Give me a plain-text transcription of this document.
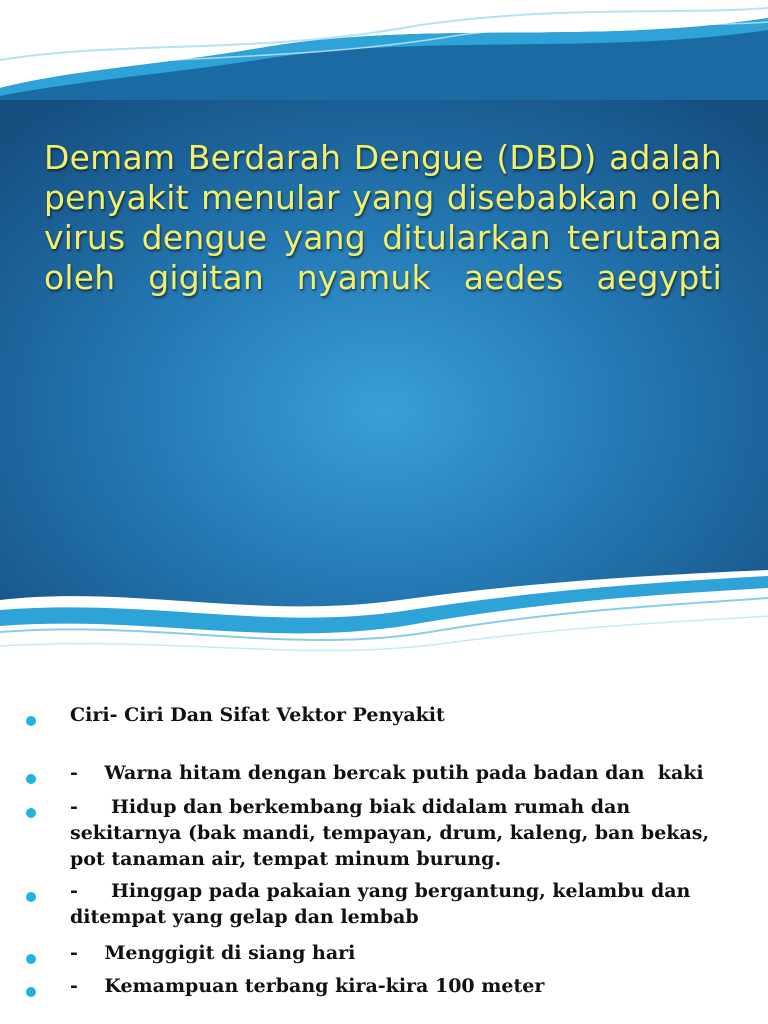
Demam Berdarah Dengue (DBD) adalah penyakit menular yang disebabkan oleh virus dengue yang ditularkan terutama oleh gigitan nyamuk aedes aegypti
Ciri- Ciri Dan Sifat Vektor Penyakit
-    Warna hitam dengan bercak putih pada badan dan  kaki
-     Hidup dan berkembang biak didalam rumah dan sekitarnya (bak mandi, tempayan, drum, kaleng, ban bekas, pot tanaman air, tempat minum burung.
-     Hinggap pada pakaian yang bergantung, kelambu dan ditempat yang gelap dan lembab
-    Menggigit di siang hari
-    Kemampuan terbang kira-kira 100 meter
